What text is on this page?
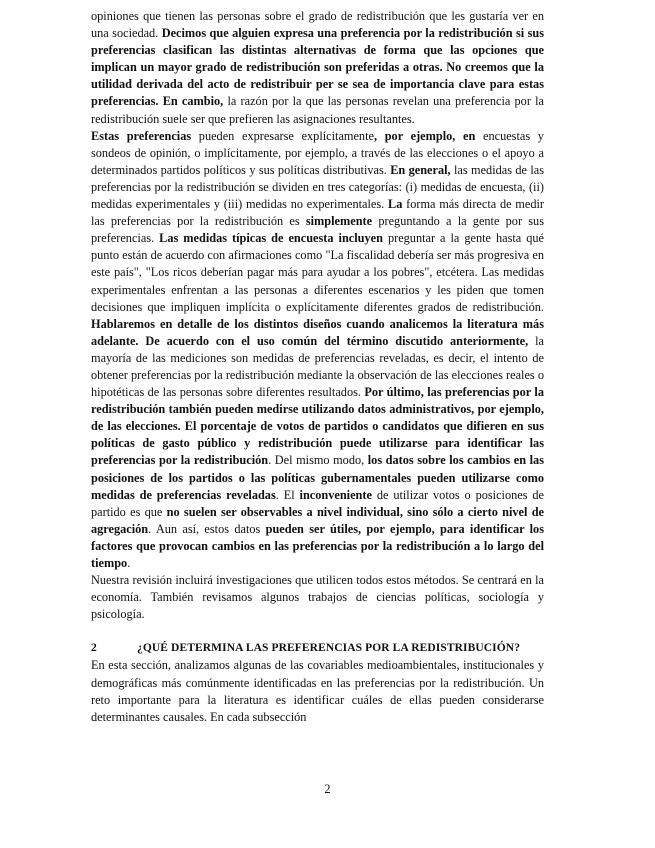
opiniones que tienen las personas sobre el grado de redistribución que les gustaría ver en una sociedad. Decimos que alguien expresa una preferencia por la redistribución si sus preferencias clasifican las distintas alternativas de forma que las opciones que implican un mayor grado de redistribución son preferidas a otras. No creemos que la utilidad derivada del acto de redistribuir per se sea de importancia clave para estas preferencias. En cambio, la razón por la que las personas revelan una preferencia por la redistribución suele ser que prefieren las asignaciones resultantes.

Estas preferencias pueden expresarse explícitamente, por ejemplo, en encuestas y sondeos de opinión, o implícitamente, por ejemplo, a través de las elecciones o el apoyo a determinados partidos políticos y sus políticas distributivas. En general, las medidas de las preferencias por la redistribución se dividen en tres categorías: (i) medidas de encuesta, (ii) medidas experimentales y (iii) medidas no experimentales. La forma más directa de medir las preferencias por la redistribución es simplemente preguntando a la gente por sus preferencias. Las medidas típicas de encuesta incluyen preguntar a la gente hasta qué punto están de acuerdo con afirmaciones como "La fiscalidad debería ser más progresiva en este país", "Los ricos deberían pagar más para ayudar a los pobres", etcétera. Las medidas experimentales enfrentan a las personas a diferentes escenarios y les piden que tomen decisiones que impliquen implícita o explícitamente diferentes grados de redistribución. Hablaremos en detalle de los distintos diseños cuando analicemos la literatura más adelante. De acuerdo con el uso común del término discutido anteriormente, la mayoría de las mediciones son medidas de preferencias reveladas, es decir, el intento de obtener preferencias por la redistribución mediante la observación de las elecciones reales o hipotéticas de las personas sobre diferentes resultados. Por último, las preferencias por la redistribución también pueden medirse utilizando datos administrativos, por ejemplo, de las elecciones. El porcentaje de votos de partidos o candidatos que difieren en sus políticas de gasto público y redistribución puede utilizarse para identificar las preferencias por la redistribución. Del mismo modo, los datos sobre los cambios en las posiciones de los partidos o las políticas gubernamentales pueden utilizarse como medidas de preferencias reveladas. El inconveniente de utilizar votos o posiciones de partido es que no suelen ser observables a nivel individual, sino sólo a cierto nivel de agregación. Aun así, estos datos pueden ser útiles, por ejemplo, para identificar los factores que provocan cambios en las preferencias por la redistribución a lo largo del tiempo.

Nuestra revisión incluirá investigaciones que utilicen todos estos métodos. Se centrará en la economía. También revisamos algunos trabajos de ciencias políticas, sociología y psicología.

2	¿QUÉ DETERMINA LAS PREFERENCIAS POR LA REDISTRIBUCIÓN?

En esta sección, analizamos algunas de las covariables medioambientales, institucionales y demográficas más comúnmente identificadas en las preferencias por la redistribución. Un reto importante para la literatura es identificar cuáles de ellas pueden considerarse determinantes causales. En cada subsección

2
